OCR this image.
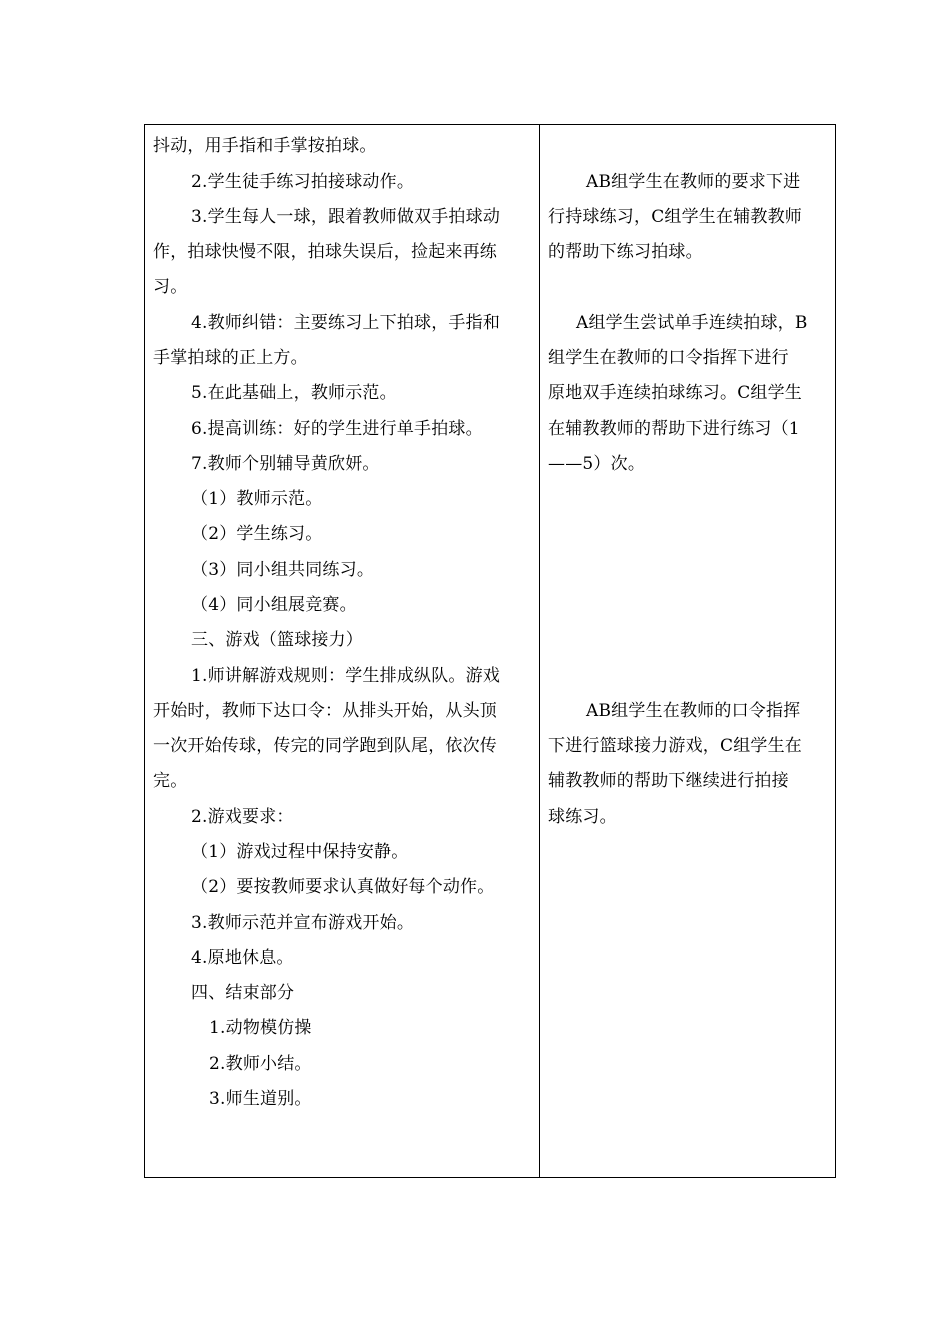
抖动，用手指和手掌按拍球。
2.学生徒手练习拍接球动作。
3.学生每人一球，跟着教师做双手拍球动
作，拍球快慢不限，拍球失误后，捡起来再练
习。
4.教师纠错：主要练习上下拍球，手指和
手掌拍球的正上方。
5.在此基础上，教师示范。
6.提高训练：好的学生进行单手拍球。
7.教师个别辅导黄欣妍。
（1）教师示范。
（2）学生练习。
（3）同小组共同练习。
（4）同小组展竞赛。
三、游戏（篮球接力）
1.师讲解游戏规则：学生排成纵队。游戏
开始时，教师下达口令：从排头开始，从头顶
一次开始传球，传完的同学跑到队尾，依次传
完。
2.游戏要求：
（1）游戏过程中保持安静。
（2）要按教师要求认真做好每个动作。
3.教师示范并宣布游戏开始。
4.原地休息。
四、结束部分
1.动物模仿操
2.教师小结。
3.师生道别。
AB组学生在教师的要求下进
行持球练习，C组学生在辅教教师
的帮助下练习拍球。
A组学生尝试单手连续拍球，B
组学生在教师的口令指挥下进行
原地双手连续拍球练习。C组学生
在辅教教师的帮助下进行练习（1
——5）次。
AB组学生在教师的口令指挥
下进行篮球接力游戏，C组学生在
辅教教师的帮助下继续进行拍接
球练习。
